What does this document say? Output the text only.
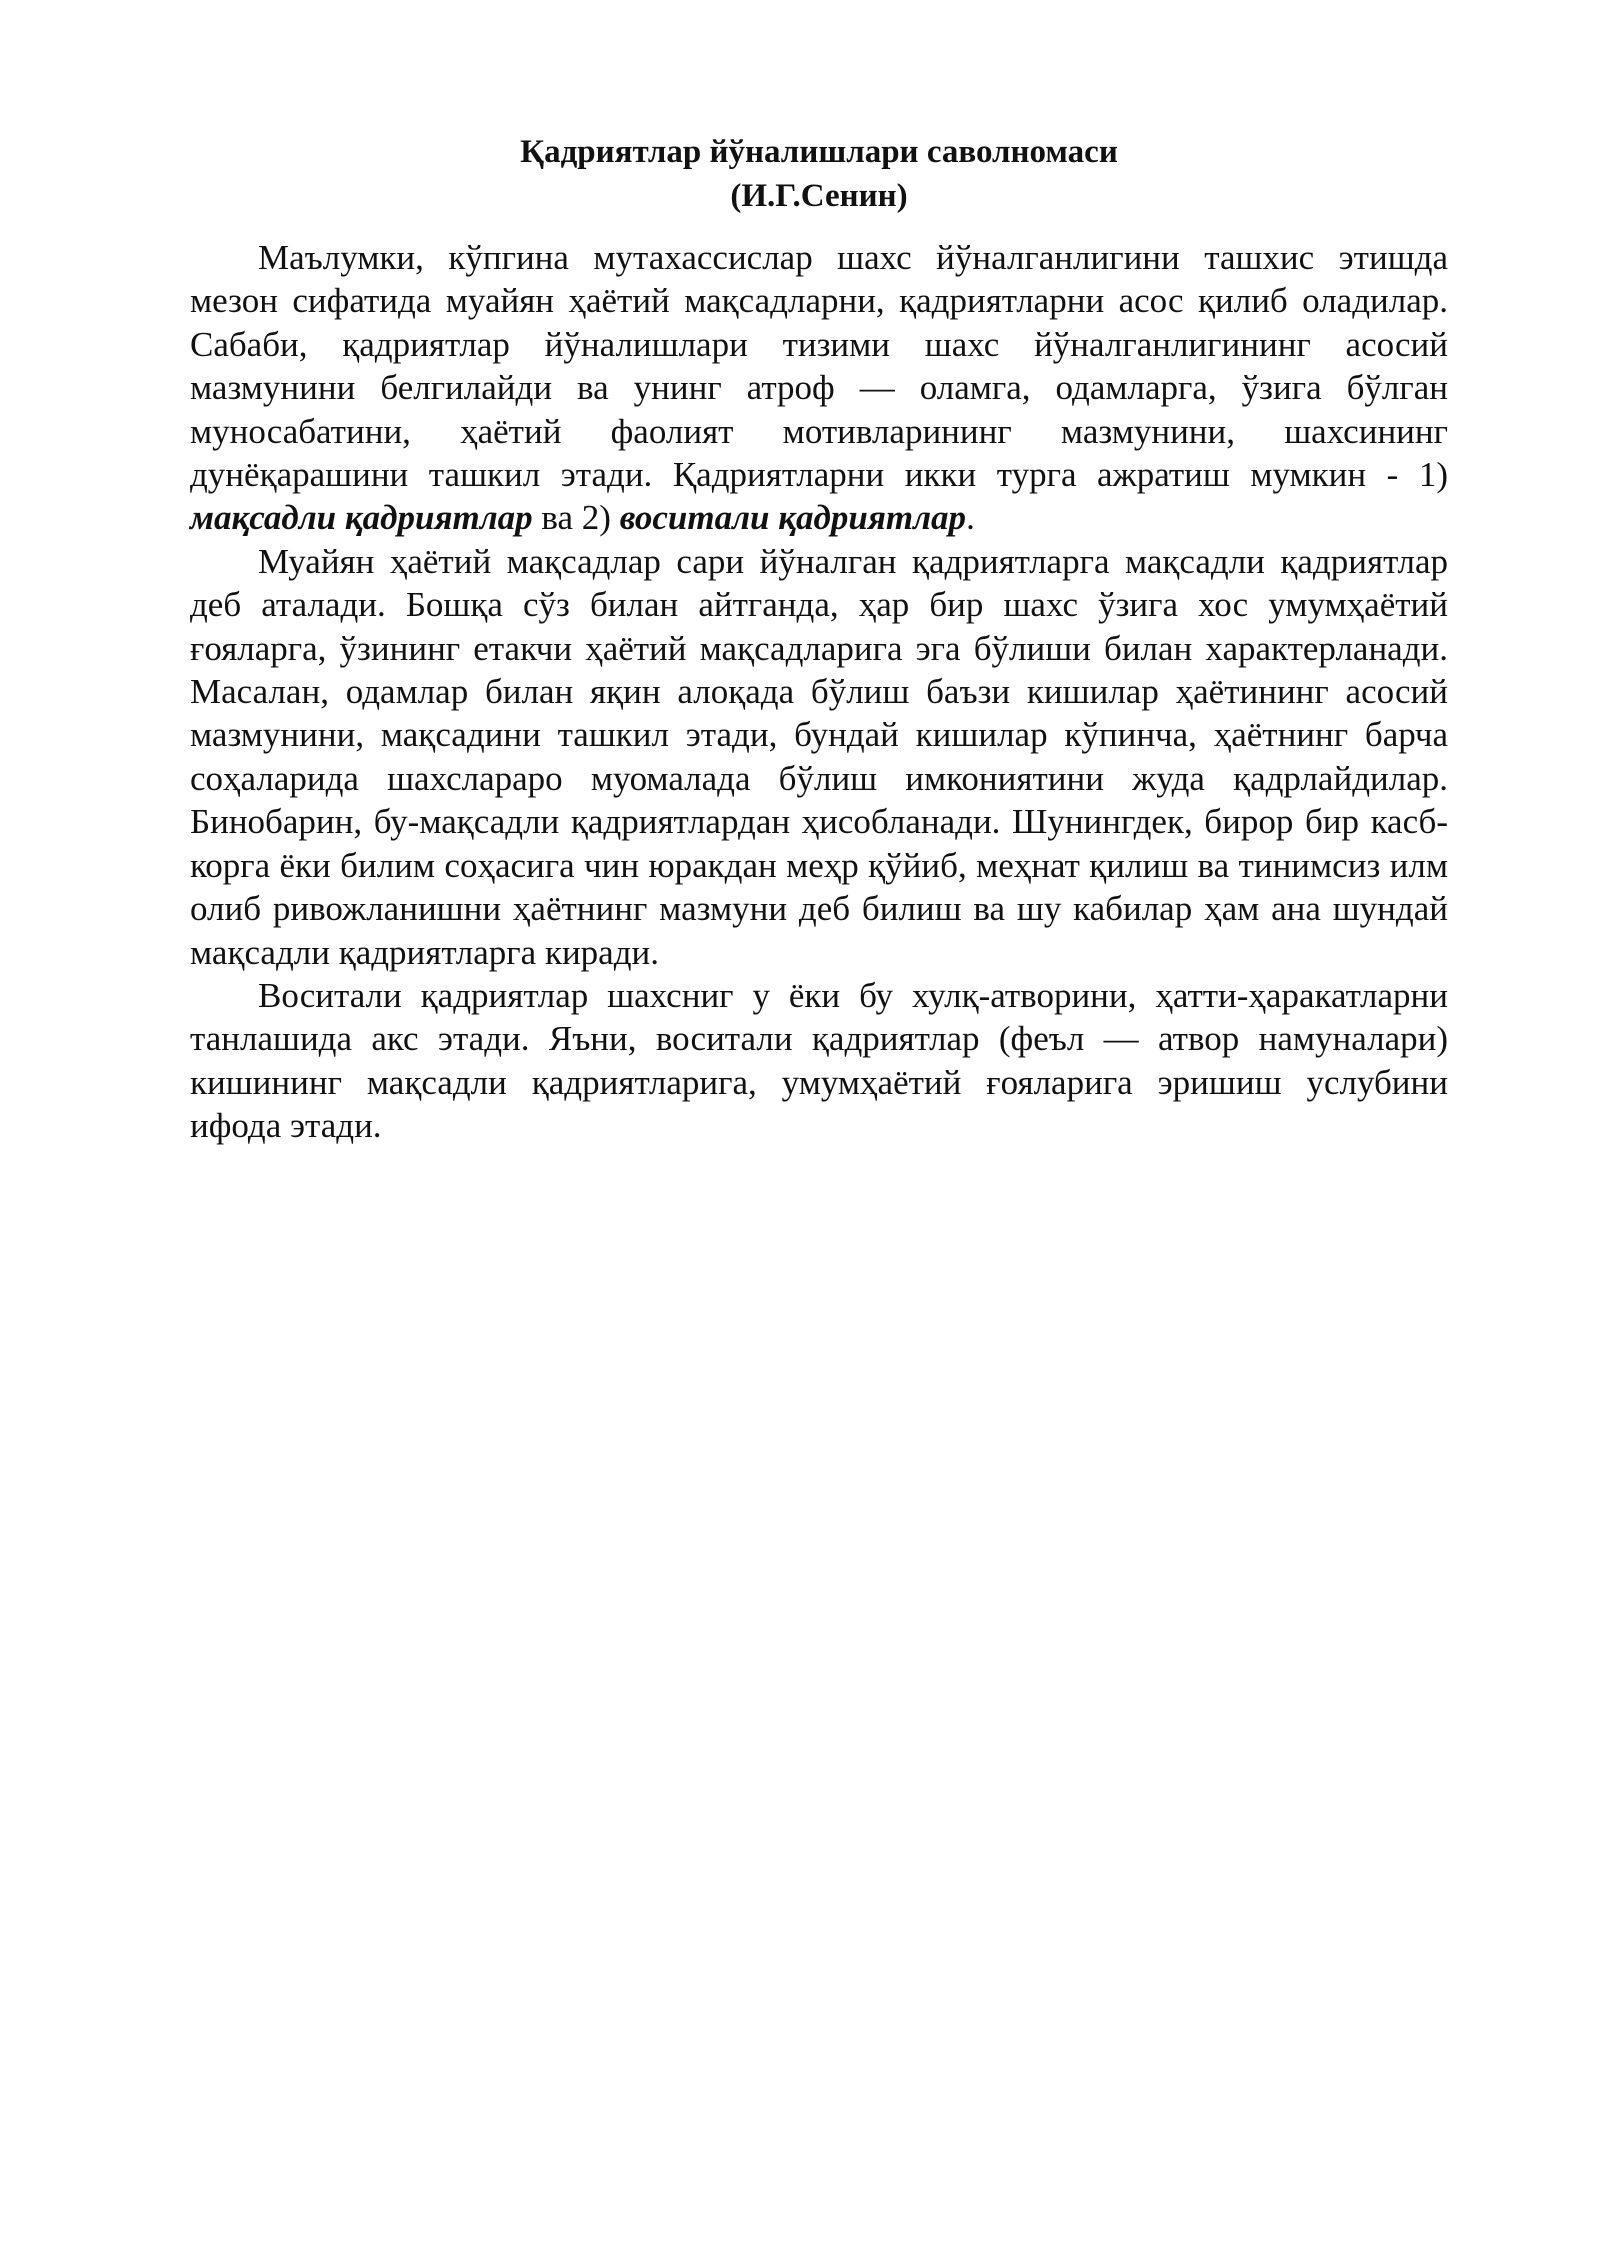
Қадриятлар йўналишлари саволномаси
(И.Г.Сенин)

Маълумки, кўпгина мутахассислар шахс йўналганлигини ташхис этишда мезон сифатида муайян ҳаётий мақсадларни, қадриятларни асос қилиб оладилар. Сабаби, қадриятлар йўналишлари тизими шахс йўналганлигининг асосий мазмунини белгилайди ва унинг атроф — оламга, одамларга, ўзига бўлган муносабатини, ҳаётий фаолият мотивларининг мазмунини, шахсининг дунёқарашини ташкил этади. Қадриятларни икки турга ажратиш мумкин - 1) мақсадли қадриятлар ва 2) воситали қадриятлар.

Муайян ҳаётий мақсадлар сари йўналган қадриятларга мақсадли қадриятлар деб аталади. Бошқа сўз билан айтганда, ҳар бир шахс ўзига хос умумҳаётий ғояларга, ўзининг етакчи ҳаётий мақсадларига эга бўлиши билан характерланади. Масалан, одамлар билан яқин алоқада бўлиш баъзи кишилар ҳаётининг асосий мазмунини, мақсадини ташкил этади, бундай кишилар кўпинча, ҳаётнинг барча соҳаларида шахслараро муомалада бўлиш имкониятини жуда қадрлайдилар. Бинобарин, бу-мақсадли қадриятлардан ҳисобланади. Шунингдек, бирор бир касб-корга ёки билим соҳасига чин юракдан меҳр қўйиб, меҳнат қилиш ва тинимсиз илм олиб ривожланишни ҳаётнинг мазмуни деб билиш ва шу кабилар ҳам ана шундай мақсадли қадриятларга киради.

Воситали қадриятлар шахсниг у ёки бу хулқ-атворини, ҳатти-ҳаракатларни танлашида акс этади. Яъни, воситали қадриятлар (феъл — атвор намуналари) кишининг мақсадли қадриятларига, умумҳаётий ғояларига эришиш услубини ифода этади.
